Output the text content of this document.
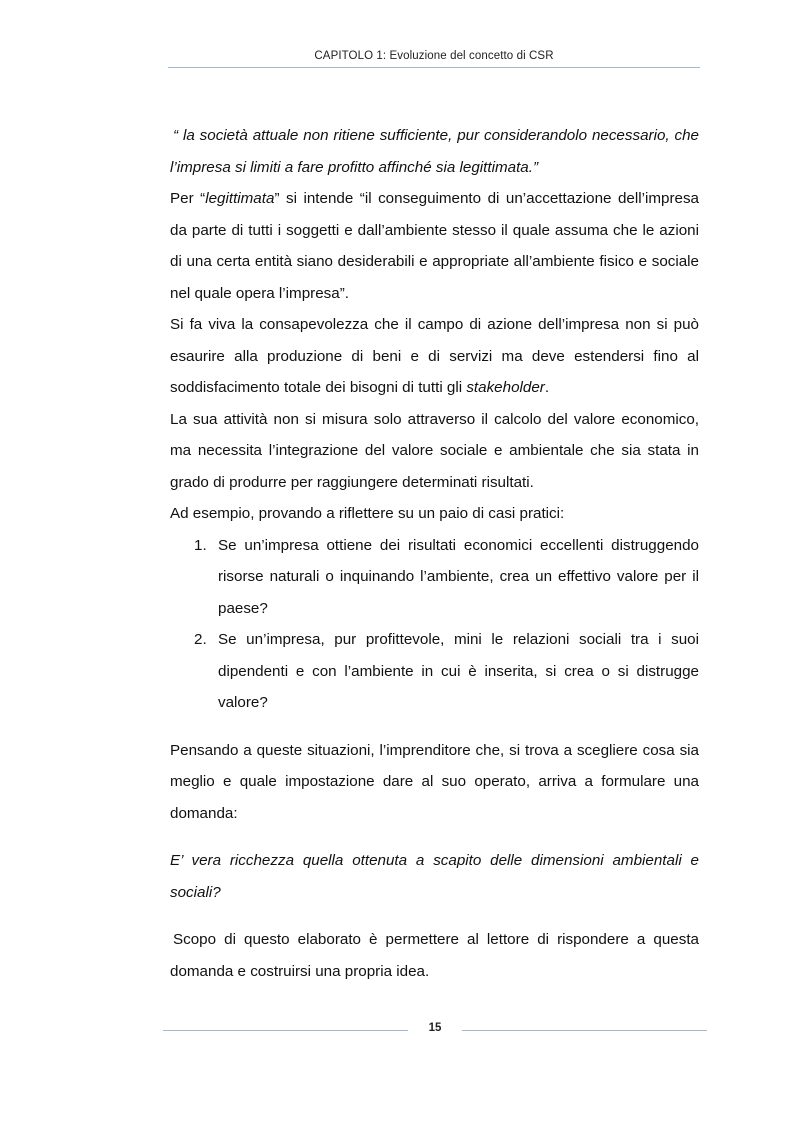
CAPITOLO 1: Evoluzione del concetto di CSR

“ la società attuale non ritiene sufficiente, pur considerandolo necessario, che l’impresa si limiti a fare profitto affinché sia legittimata.”

Per “legittimata” si intende “il conseguimento di un’accettazione dell’impresa da parte di tutti i soggetti e dall’ambiente stesso il quale assuma che le azioni di una certa entità siano desiderabili e appropriate all’ambiente fisico e sociale nel quale opera l’impresa”.

Si fa viva la consapevolezza che il campo di azione dell’impresa non si può esaurire alla produzione di beni e di servizi ma deve estendersi fino al soddisfacimento totale dei bisogni di tutti gli stakeholder.

La sua attività non si misura solo attraverso il calcolo del valore economico, ma necessita l’integrazione del valore sociale e ambientale che sia stata in grado di produrre per raggiungere determinati risultati.

Ad esempio, provando a riflettere su un paio di casi pratici:

1. Se un’impresa ottiene dei risultati economici eccellenti distruggendo risorse naturali o inquinando l’ambiente, crea un effettivo valore per il paese?
2. Se un’impresa, pur profittevole, mini le relazioni sociali tra i suoi dipendenti e con l’ambiente in cui è inserita, si crea o si distrugge valore?

Pensando a queste situazioni, l’imprenditore che, si trova a scegliere cosa sia meglio e quale impostazione dare al suo operato, arriva a formulare una domanda:

E’ vera ricchezza quella ottenuta a scapito delle dimensioni ambientali e sociali?

Scopo di questo elaborato è permettere al lettore di rispondere a questa domanda e costruirsi una propria idea.

15
